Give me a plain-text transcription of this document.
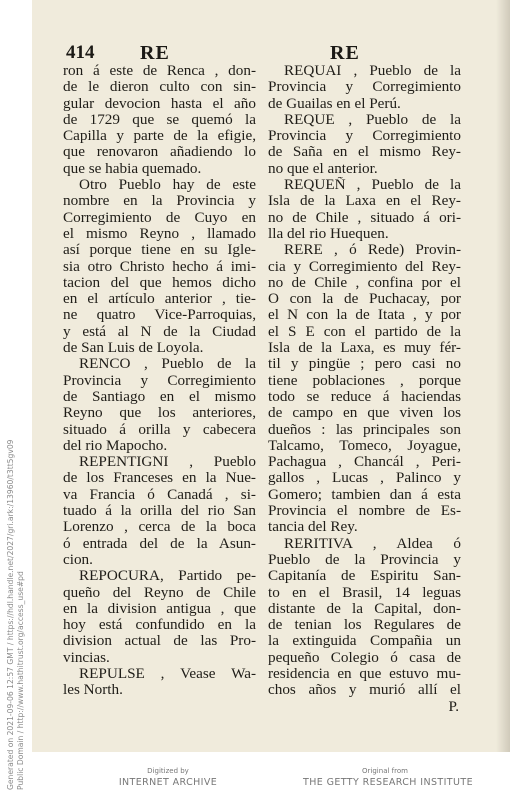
414 RE	RE
ron á este de Renca , don-
de le dieron culto con sin-
gular devocion hasta el año
de 1729 que se quemó la
Capilla y parte de la efigie,
que renovaron añadiendo lo
que se habia quemado.
Otro Pueblo hay de este
nombre en la Provincia y
Corregimiento de Cuyo en
el mismo Reyno , llamado
así porque tiene en su Igle-
sia otro Christo hecho á imi-
tacion del que hemos dicho
en el artículo anterior , tie-
ne quatro Vice-Parroquias,
y está al N de la Ciudad
de San Luis de Loyola.
RENCO , Pueblo de la
Provincia y Corregimiento
de Santiago en el mismo
Reyno que los anteriores,
situado á orilla y cabecera
del rio Mapocho.
REPENTIGNI , Pueblo
de los Franceses en la Nue-
va Francia ó Canadá , si-
tuado á la orilla del rio San
Lorenzo , cerca de la boca
ó entrada del de la Asun-
cion.
REPOCURA, Partido pe-
queño del Reyno de Chile
en la division antigua , que
hoy está confundido en la
division actual de las Pro-
vincias.
REPULSE , Vease Wa-
les North.
REQUAI , Pueblo de la
Provincia y Corregimiento
de Guailas en el Perú.
REQUE , Pueblo de la
Provincia y Corregimiento
de Saña en el mismo Rey-
no que el anterior.
REQUEÑ , Pueblo de la
Isla de la Laxa en el Rey-
no de Chile , situado á ori-
lla del rio Huequen.
RERE , ó Rede) Provin-
cia y Corregimiento del Rey-
no de Chile , confina por el
O con la de Puchacay, por
el N con la de Itata , y por
el S E con el partido de la
Isla de la Laxa, es muy fér-
til y pingüe ; pero casi no
tiene poblaciones , porque
todo se reduce á haciendas
de campo en que viven los
dueños : las principales son
Talcamo, Tomeco, Joyague,
Pachagua , Chancál , Peri-
gallos , Lucas , Palinco y
Gomero; tambien dan á esta
Provincia el nombre de Es-
tancia del Rey.
RERITIVA , Aldea ó
Pueblo de la Provincia y
Capitanía de Espiritu San-
to en el Brasil, 14 leguas
distante de la Capital, don-
de tenian los Regulares de
la extinguida Compañia un
pequeño Colegio ó casa de
residencia en que estuvo mu-
chos años y murió allí el
P.
Generated on 2021-09-06 12:57 GMT / https://hdl.handle.net/2027/gri.ark:/13960/t3tt5gv09 Public Domain / http://www.hathitrust.org/access_use#pd	Digitized by
INTERNET ARCHIVE
Original from
THE GETTY RESEARCH INSTITUTE
